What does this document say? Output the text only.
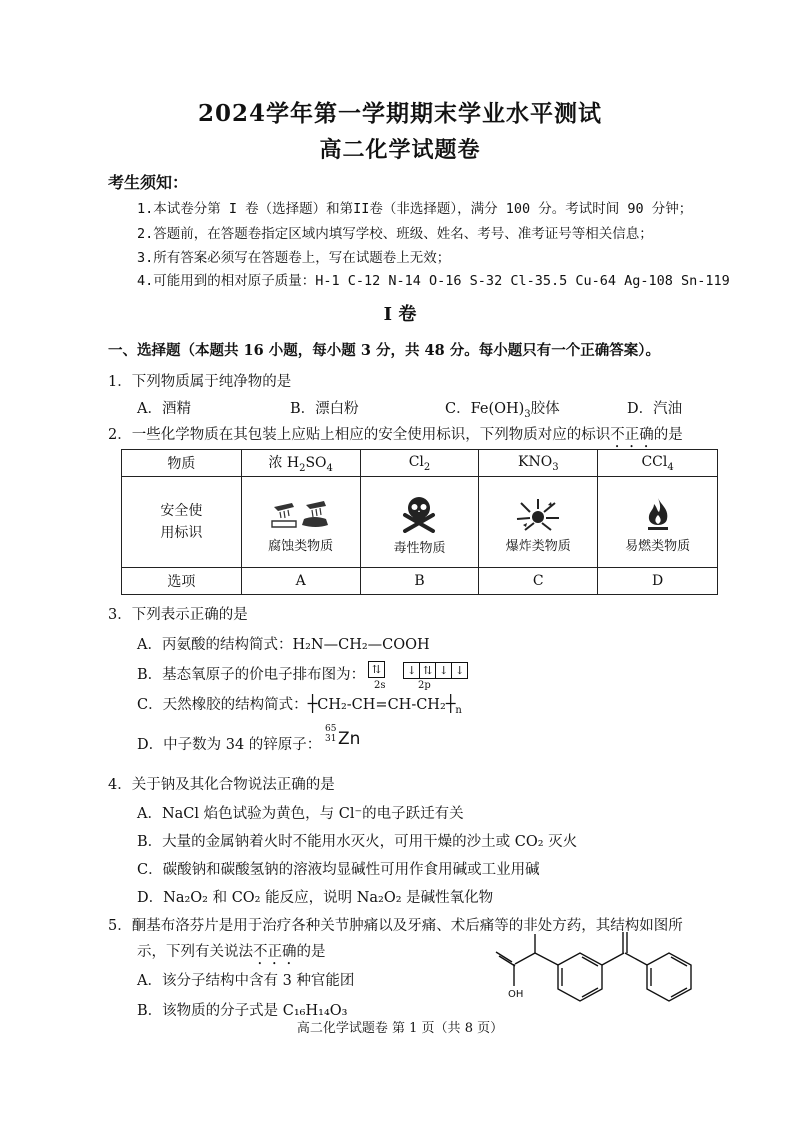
2024学年第一学期期末学业水平测试
高二化学试题卷
考生须知：
1.本试卷分第 I 卷（选择题）和第II卷（非选择题），满分 100 分。考试时间 90 分钟；
2.答题前，在答题卷指定区域内填写学校、班级、姓名、考号、准考证号等相关信息；
3.所有答案必须写在答题卷上，写在试题卷上无效；
4.可能用到的相对原子质量：H-1 C-12 N-14 O-16 S-32 Cl-35.5 Cu-64 Ag-108 Sn-119
I 卷
一、选择题（本题共 16 小题，每小题 3 分，共 48 分。每小题只有一个正确答案）。
1．下列物质属于纯净物的是
A．酒精	B．漂白粉	C．$Fe(OH)_3$胶体	D．汽油
2．一些化学物质在其包装上应贴上相应的安全使用标识，下列物质对应的标识不正确的是
物质	浓 $H_2SO_4$	$Cl_2$	$KNO_3$	CCl$_4$
安全使
用标识	腐蚀类物质	毒性物质	爆炸类物质	易燃类物质

选项	A	B	C	D
3．下列表示正确的是
A．丙氨酸的结构简式：H₂N—CH₂—COOH
B．基态氧原子的价电子排布图为： ⇅ ↓ ⇅ ↓ ↓
2s	2p
C．天然橡胶的结构简式：$┼CH_2-CH=CH-CH_2┼_n$
D．中子数为 34 的锌原子：
65
31 Zn
4．关于钠及其化合物说法正确的是
A．NaCl 焰色试验为黄色，与 Cl⁻的电子跃迁有关
B．大量的金属钠着火时不能用水灭火，可用干燥的沙土或 CO₂ 灭火
C．碳酸钠和碳酸氢钠的溶液均显碱性可用作食用碱或工业用碱
D．Na₂O₂ 和 CO₂ 能反应，说明 Na₂O₂ 是碱性氧化物
5．酮基布洛芬片是用于治疗各种关节肿痛以及牙痛、术后痛等的非处方药，其结构如图所
示，下列有关说法不正确的是
A．该分子结构中含有 3 种官能团
B．该物质的分子式是 C₁₆H₁₄O₃
OH
高二化学试题卷 第 1 页（共 8 页）
